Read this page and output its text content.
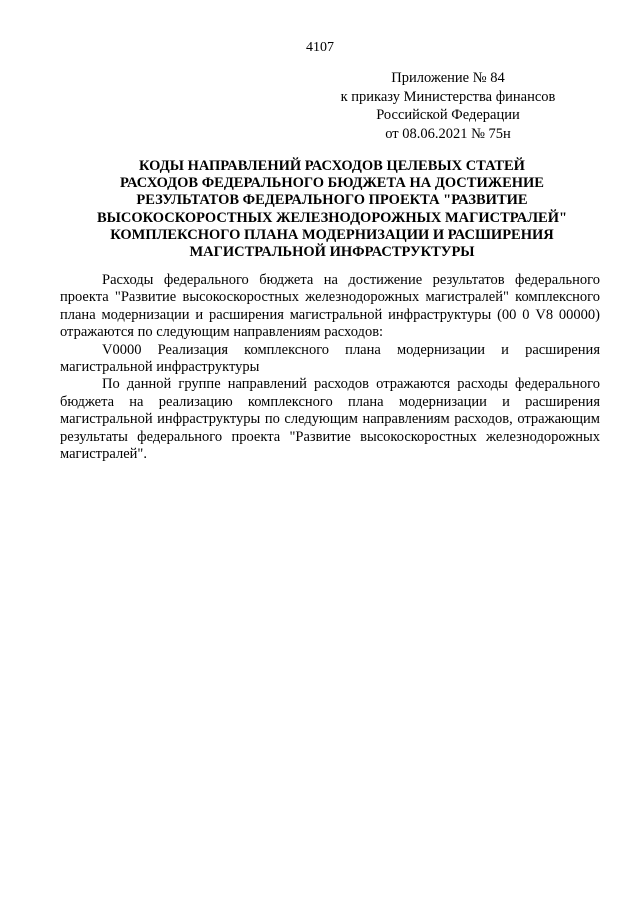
4107
Приложение № 84
к приказу Министерства финансов
Российской Федерации
от 08.06.2021 № 75н
КОДЫ НАПРАВЛЕНИЙ РАСХОДОВ ЦЕЛЕВЫХ СТАТЕЙ
РАСХОДОВ ФЕДЕРАЛЬНОГО БЮДЖЕТА НА ДОСТИЖЕНИЕ
РЕЗУЛЬТАТОВ ФЕДЕРАЛЬНОГО ПРОЕКТА "РАЗВИТИЕ
ВЫСОКОСКОРОСТНЫХ ЖЕЛЕЗНОДОРОЖНЫХ МАГИСТРАЛЕЙ"
КОМПЛЕКСНОГО ПЛАНА МОДЕРНИЗАЦИИ И РАСШИРЕНИЯ
МАГИСТРАЛЬНОЙ ИНФРАСТРУКТУРЫ

Расходы федерального бюджета на достижение результатов федерального проекта "Развитие высокоскоростных железнодорожных магистралей" комплексного плана модернизации и расширения магистральной инфраструктуры (00 0 V8 00000) отражаются по следующим направлениям расходов:

V0000 Реализация комплексного плана модернизации и расширения магистральной инфраструктуры

По данной группе направлений расходов отражаются расходы федерального бюджета на реализацию комплексного плана модернизации и расширения магистральной инфраструктуры по следующим направлениям расходов, отражающим результаты федерального проекта "Развитие высокоскоростных железнодорожных магистралей".
